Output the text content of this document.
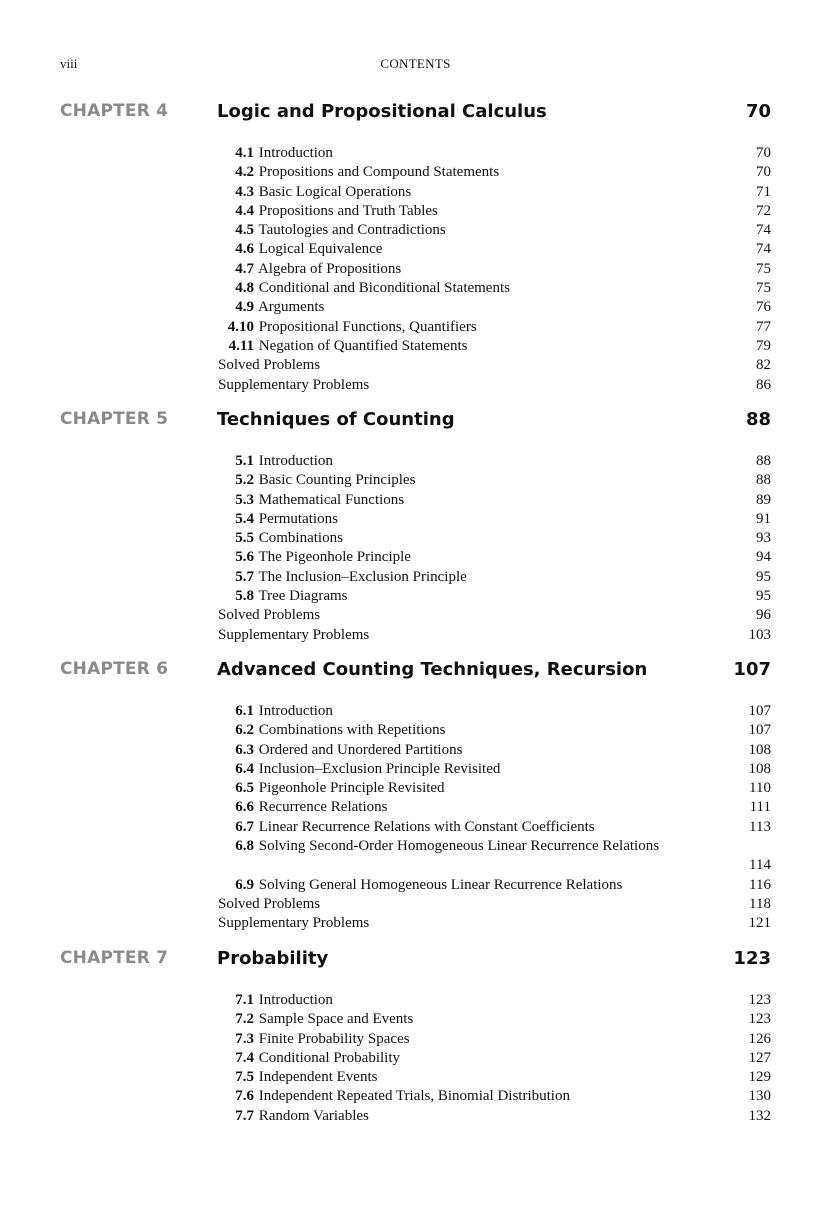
viii	CONTENTS
CHAPTER 4	Logic and Propositional Calculus	70
4.1 Introduction	70
4.2 Propositions and Compound Statements	70
4.3 Basic Logical Operations	71
4.4 Propositions and Truth Tables	72
4.5 Tautologies and Contradictions	74
4.6 Logical Equivalence	74
4.7 Algebra of Propositions	75
4.8 Conditional and Biconditional Statements	75
4.9 Arguments	76
4.10 Propositional Functions, Quantifiers	77
4.11 Negation of Quantified Statements	79
Solved Problems	82
Supplementary Problems	86
CHAPTER 5	Techniques of Counting	88
5.1 Introduction	88
5.2 Basic Counting Principles	88
5.3 Mathematical Functions	89
5.4 Permutations	91
5.5 Combinations	93
5.6 The Pigeonhole Principle	94
5.7 The Inclusion–Exclusion Principle	95
5.8 Tree Diagrams	95
Solved Problems	96
Supplementary Problems	103
CHAPTER 6	Advanced Counting Techniques, Recursion	107
6.1 Introduction	107
6.2 Combinations with Repetitions	107
6.3 Ordered and Unordered Partitions	108
6.4 Inclusion–Exclusion Principle Revisited	108
6.5 Pigeonhole Principle Revisited	110
6.6 Recurrence Relations	111
6.7 Linear Recurrence Relations with Constant Coefficients	113
6.8 Solving Second-Order Homogeneous Linear Recurrence Relations
114
6.9 Solving General Homogeneous Linear Recurrence Relations	116
Solved Problems	118
Supplementary Problems	121
CHAPTER 7	Probability	123
7.1 Introduction	123
7.2 Sample Space and Events	123
7.3 Finite Probability Spaces	126
7.4 Conditional Probability	127
7.5 Independent Events	129
7.6 Independent Repeated Trials, Binomial Distribution	130
7.7 Random Variables	132
